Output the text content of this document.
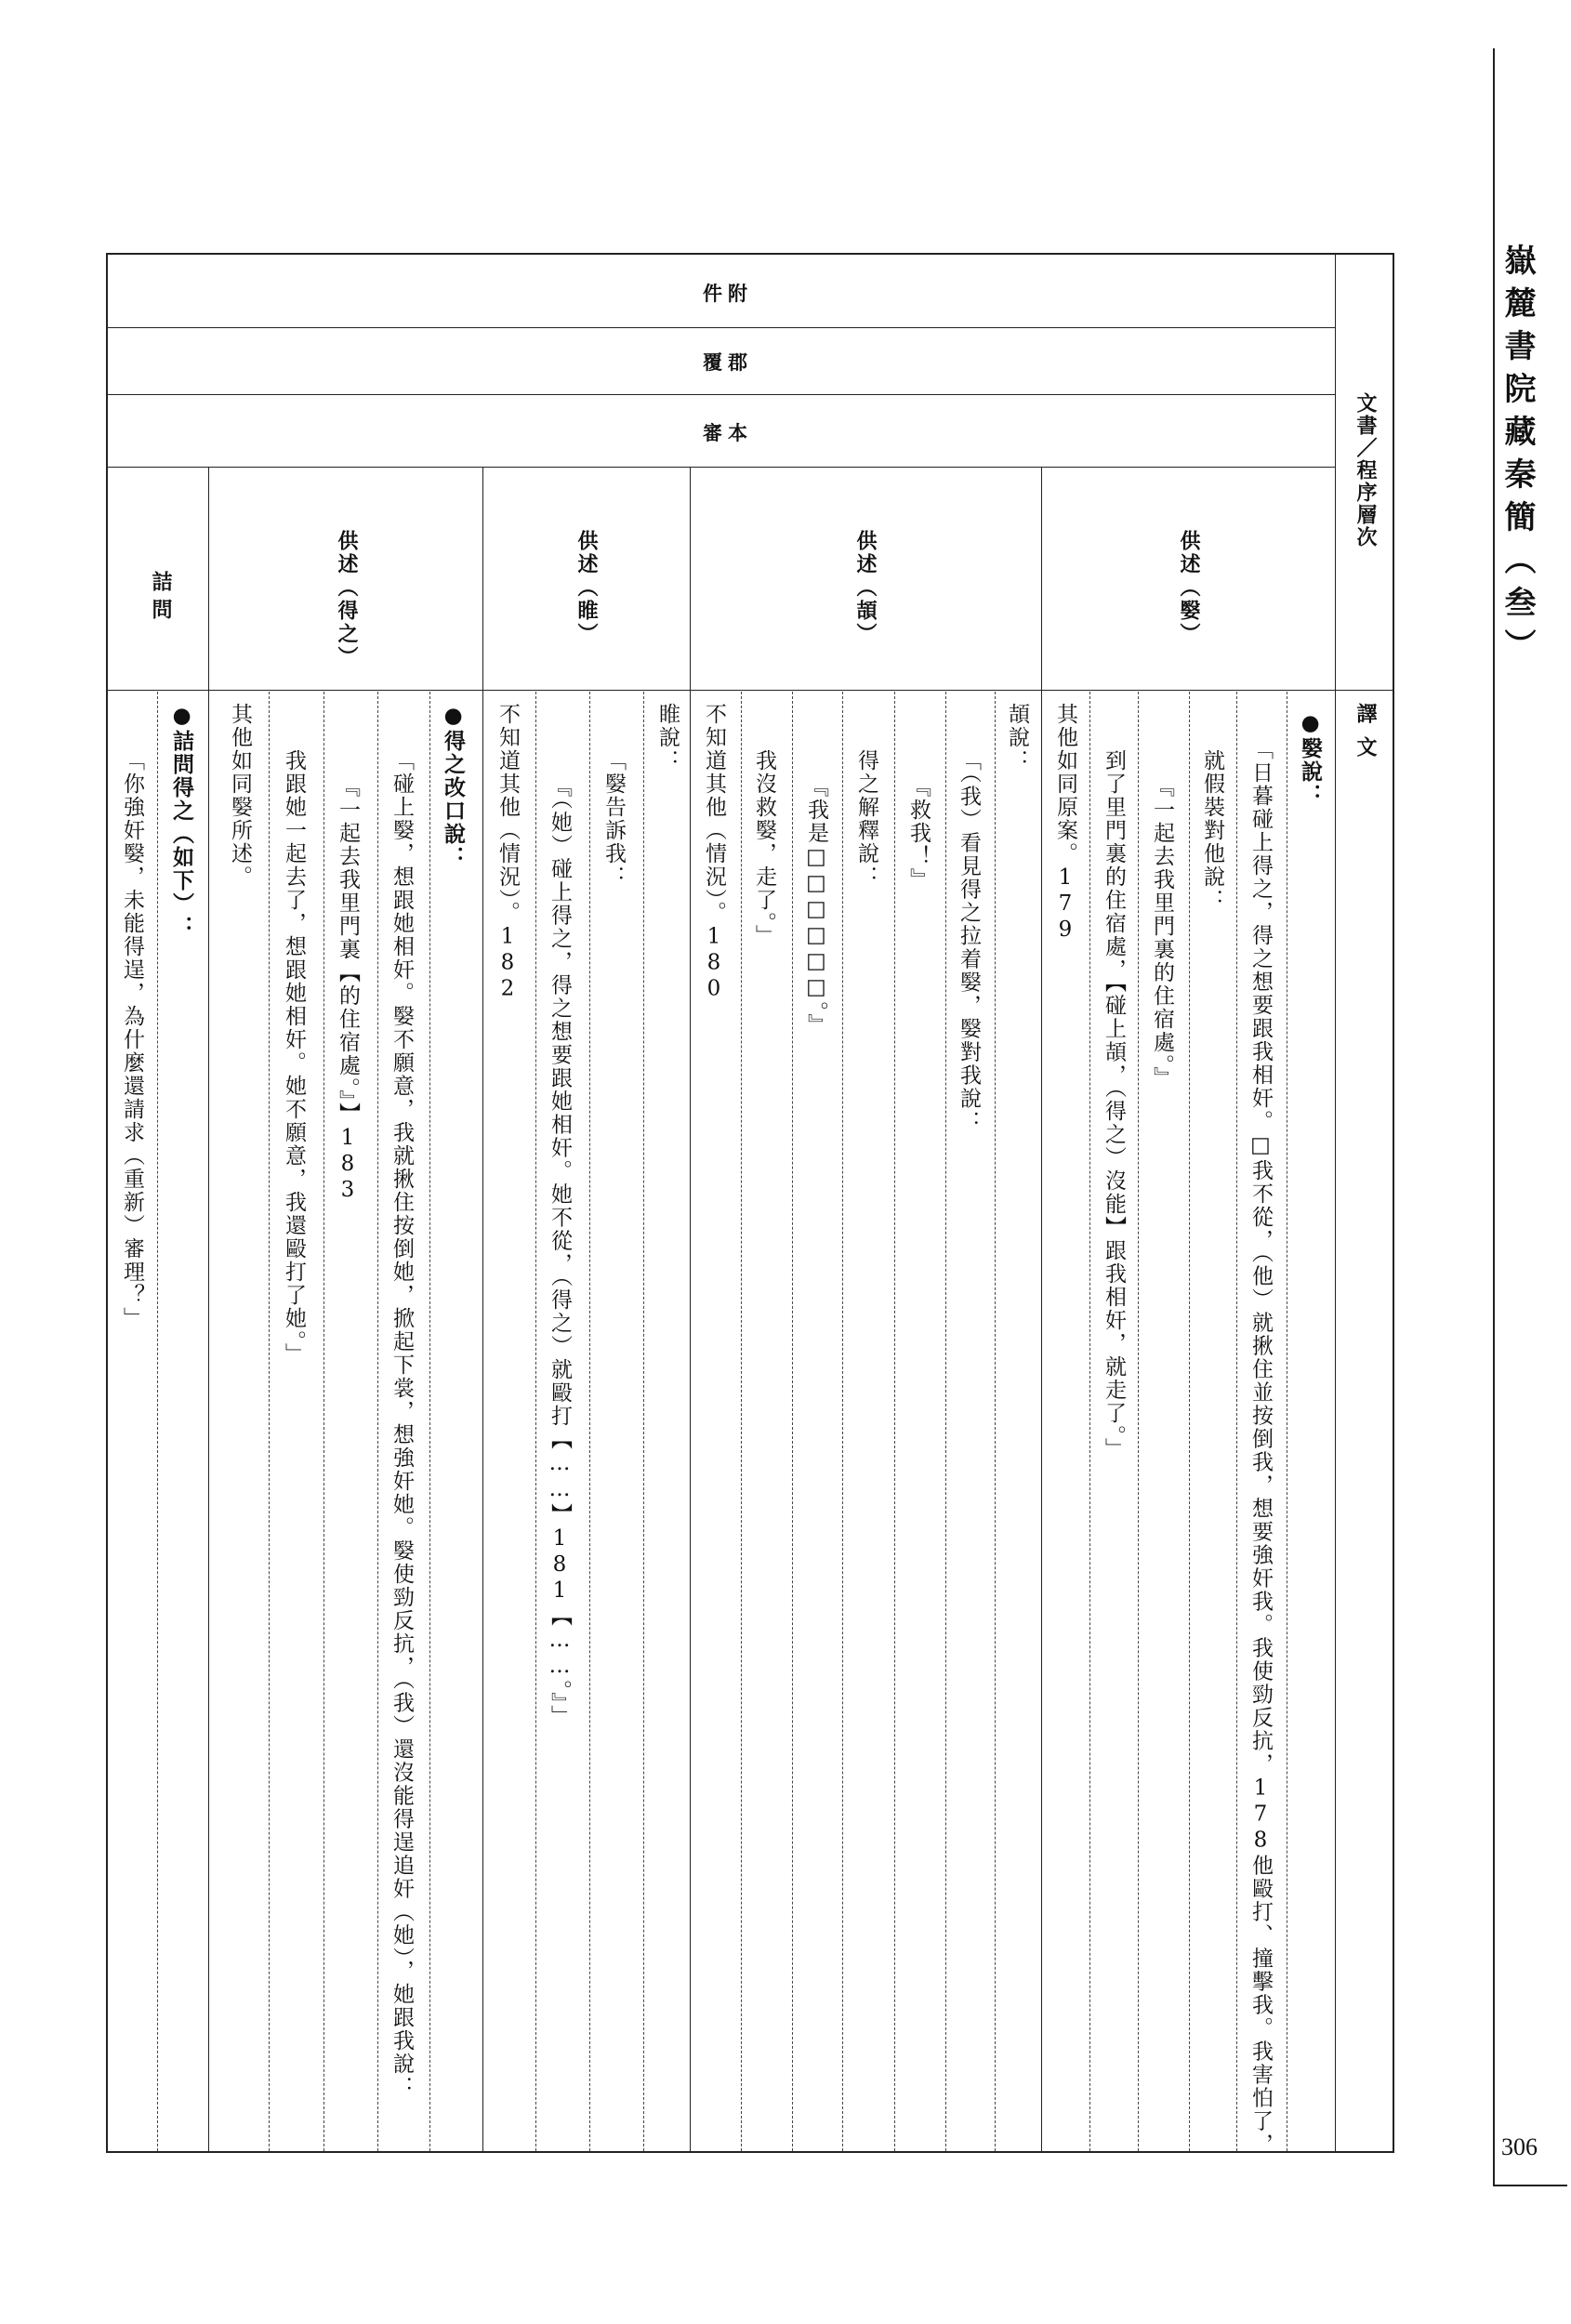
嶽麓書院藏秦簡（叁）
306
件附
覆郡
審本	文書／程序層次
譯文
供述（嫛）
供述（頡）
供述（睢）
供述（得之）
詰問
●嫛說：
「日暮碰上得之，得之想要跟我相奸。□我不從，（他）就揪住並按倒我，想要強奸我。我使勁反抗，178他毆打、撞擊我。我害怕了，
就假裝對他說：
『一起去我里門裏的住宿處。』
到了里門裏的住宿處，【碰上頡，（得之）沒能】跟我相奸，就走了。」
其他如同原案。179
頡說：
「（我）看見得之拉着嫛，嫛對我說：
『救我！』
得之解釋說：
『我是□□□□□□。』
我沒救嫛，走了。」
不知道其他（情況）。180
睢說：
「嫛告訴我：
『（她）碰上得之，得之想要跟她相奸。她不從，（得之）就毆打【……】181【……。』」
不知道其他（情況）。182
●得之改口說：
「碰上嫛，想跟她相奸。嫛不願意，我就揪住按倒她，掀起下裳，想強奸她。嫛使勁反抗，（我）還沒能得逞追奸（她），她跟我說：
『一起去我里門裏【的住宿處。』】183
我跟她一起去了，想跟她相奸。她不願意，我還毆打了她。」
其他如同嫛所述。
●詰問得之（如下）：
「你強奸嫛，未能得逞，為什麼還請求（重新）審理？」
